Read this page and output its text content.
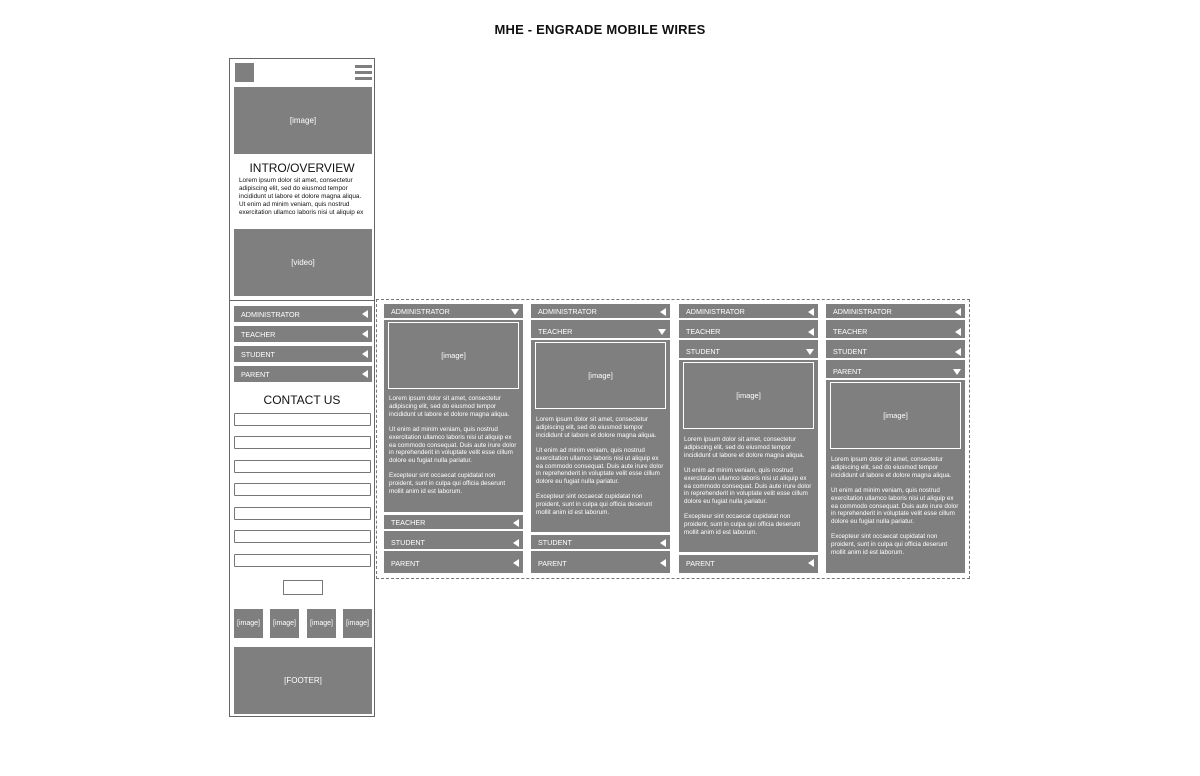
MHE - ENGRADE MOBILE WIRES
[image]
INTRO/OVERVIEW
Lorem ipsum dolor sit amet, consectetur adipiscing elit, sed do eiusmod tempor incididunt ut labore et dolore magna aliqua. Ut enim ad minim veniam, quis nostrud exercitation ullamco laboris nisi ut aliquip ex
[video]
ADMINISTRATOR
TEACHER
STUDENT
PARENT
CONTACT US
[image] [image] [image] [image]
[FOOTER]
ADMINISTRATOR
[image]

Lorem ipsum dolor sit amet, consectetur adipiscing elit, sed do eiusmod tempor incididunt ut labore et dolore magna aliqua.

Ut enim ad minim veniam, quis nostrud exercitation ullamco laboris nisi ut aliquip ex ea commodo consequat. Duis aute irure dolor in reprehenderit in voluptate velit esse cillum dolore eu fugiat nulla pariatur.

Excepteur sint occaecat cupidatat non proident, sunt in culpa qui officia deserunt mollit anim id est laborum.

TEACHER
STUDENT
PARENT
ADMINISTRATOR
TEACHER
[image]

Lorem ipsum dolor sit amet, consectetur adipiscing elit, sed do eiusmod tempor incididunt ut labore et dolore magna aliqua.

Ut enim ad minim veniam, quis nostrud exercitation ullamco laboris nisi ut aliquip ex ea commodo consequat. Duis aute irure dolor in reprehenderit in voluptate velit esse cillum dolore eu fugiat nulla pariatur.

Excepteur sint occaecat cupidatat non proident, sunt in culpa qui officia deserunt mollit anim id est laborum.

STUDENT
PARENT
ADMINISTRATOR
TEACHER
STUDENT
[image]

Lorem ipsum dolor sit amet, consectetur adipiscing elit, sed do eiusmod tempor incididunt ut labore et dolore magna aliqua.

Ut enim ad minim veniam, quis nostrud exercitation ullamco laboris nisi ut aliquip ex ea commodo consequat. Duis aute irure dolor in reprehenderit in voluptate velit esse cillum dolore eu fugiat nulla pariatur.

Excepteur sint occaecat cupidatat non proident, sunt in culpa qui officia deserunt mollit anim id est laborum.

PARENT
ADMINISTRATOR
TEACHER
STUDENT
PARENT
[image]

Lorem ipsum dolor sit amet, consectetur adipiscing elit, sed do eiusmod tempor incididunt ut labore et dolore magna aliqua.

Ut enim ad minim veniam, quis nostrud exercitation ullamco laboris nisi ut aliquip ex ea commodo consequat. Duis aute irure dolor in reprehenderit in voluptate velit esse cillum dolore eu fugiat nulla pariatur.

Excepteur sint occaecat cupidatat non proident, sunt in culpa qui officia deserunt mollit anim id est laborum.
